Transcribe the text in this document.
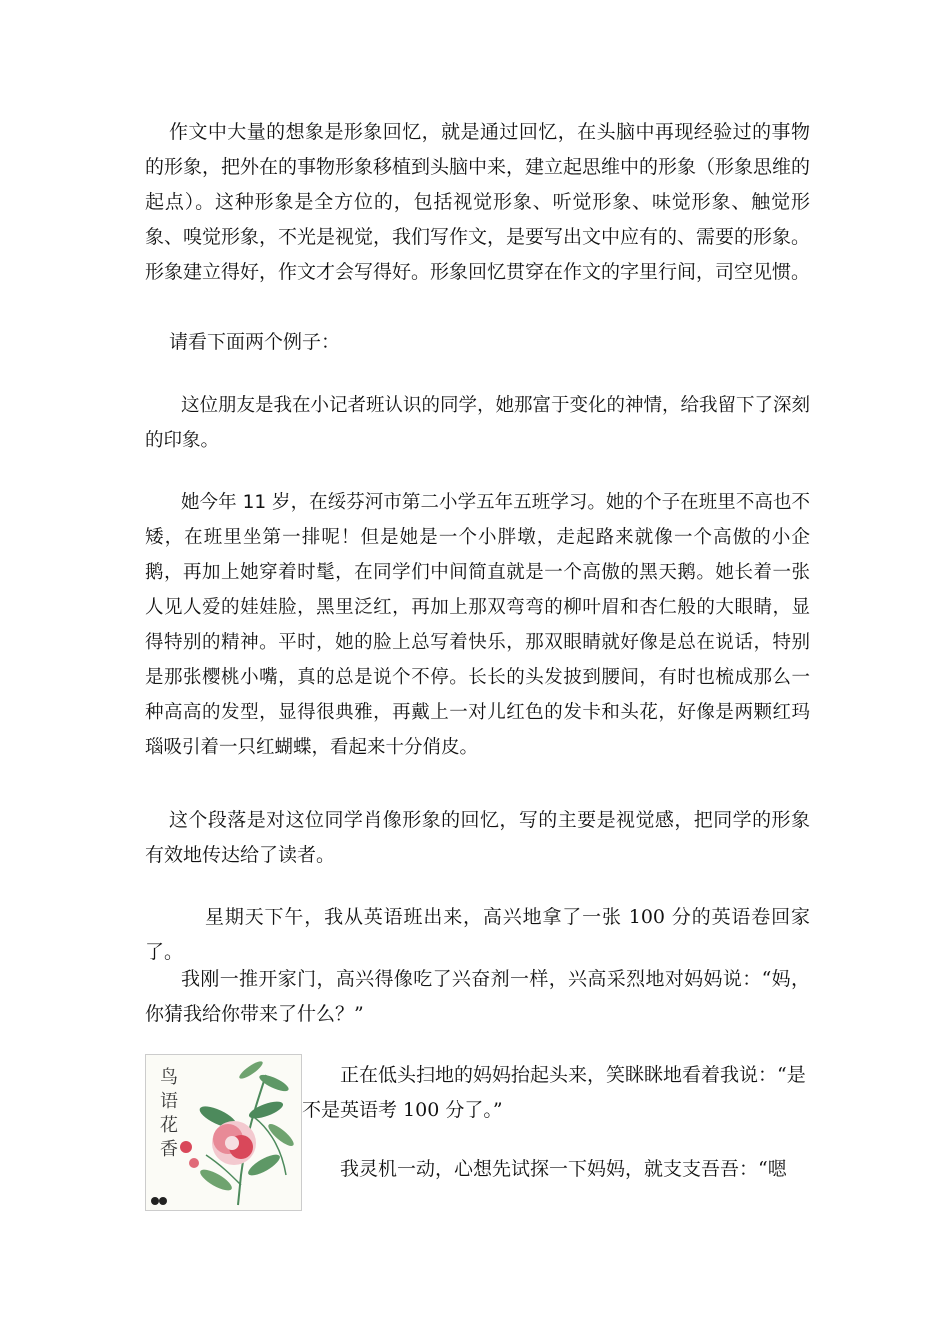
作文中大量的想象是形象回忆，就是通过回忆，在头脑中再现经验过的事物的形象，把外在的事物形象移植到头脑中来，建立起思维中的形象（形象思维的起点）。这种形象是全方位的，包括视觉形象、听觉形象、味觉形象、触觉形象、嗅觉形象，不光是视觉，我们写作文，是要写出文中应有的、需要的形象。形象建立得好，作文才会写得好。形象回忆贯穿在作文的字里行间，司空见惯。

请看下面两个例子：

这位朋友是我在小记者班认识的同学，她那富于变化的神情，给我留下了深刻的印象。

她今年 11 岁，在绥芬河市第二小学五年五班学习。她的个子在班里不高也不矮，在班里坐第一排呢！但是她是一个小胖墩，走起路来就像一个高傲的小企鹅，再加上她穿着时髦，在同学们中间简直就是一个高傲的黑天鹅。她长着一张人见人爱的娃娃脸，黑里泛红，再加上那双弯弯的柳叶眉和杏仁般的大眼睛，显得特别的精神。平时，她的脸上总写着快乐，那双眼睛就好像是总在说话，特别是那张樱桃小嘴，真的总是说个不停。长长的头发披到腰间，有时也梳成那么一种高高的发型，显得很典雅，再戴上一对儿红色的发卡和头花，好像是两颗红玛瑙吸引着一只红蝴蝶，看起来十分俏皮。

这个段落是对这位同学肖像形象的回忆，写的主要是视觉感，把同学的形象有效地传达给了读者。

星期天下午，我从英语班出来，高兴地拿了一张 100 分的英语卷回家了。

我刚一推开家门，高兴得像吃了兴奋剂一样，兴高采烈地对妈妈说：“妈，你猜我给你带来了什么？”

鸟
语
花
香

正在低头扫地的妈妈抬起头来，笑眯眯地看着我说：“是

不是英语考 100 分了。”

我灵机一动，心想先试探一下妈妈，就支支吾吾：“嗯
